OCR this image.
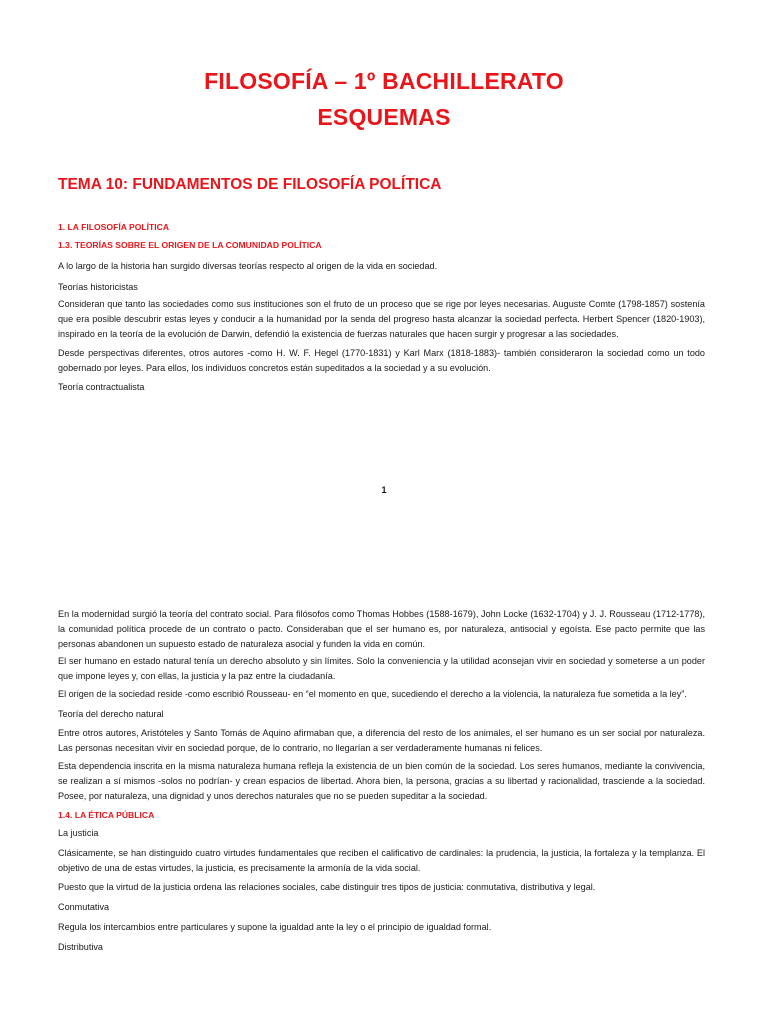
FILOSOFÍA – 1º BACHILLERATO
ESQUEMAS
TEMA 10: FUNDAMENTOS DE FILOSOFÍA POLÍTICA
1. LA FILOSOFÍA POLÍTICA
1.3. TEORÍAS SOBRE EL ORIGEN DE LA COMUNIDAD POLÍTICA

A lo largo de la historia han surgido diversas teorías respecto al origen de la vida en sociedad.

Teorías historicistas

Consideran que tanto las sociedades como sus instituciones son el fruto de un proceso que se rige por leyes necesarias. Auguste Comte (1798-1857) sostenía que era posible descubrir estas leyes y conducir a la humanidad por la senda del progreso hasta alcanzar la sociedad perfecta. Herbert Spencer (1820-1903), inspirado en la teoría de la evolución de Darwin, defendió la existencia de fuerzas naturales que hacen surgir y progresar a las sociedades.

Desde perspectivas diferentes, otros autores -como H. W. F. Hegel (1770-1831) y Karl Marx (1818-1883)- también consideraron la sociedad como un todo gobernado por leyes. Para ellos, los individuos concretos están supeditados a la sociedad y a su evolución.

Teoría contractualista

1

En la modernidad surgió la teoría del contrato social. Para filósofos como Thomas Hobbes (1588-1679), John Locke (1632-1704) y J. J. Rousseau (1712-1778), la comunidad política procede de un contrato o pacto. Consideraban que el ser humano es, por naturaleza, antisocial y egoísta. Ese pacto permite que las personas abandonen un supuesto estado de naturaleza asocial y funden la vida en común.

El ser humano en estado natural tenía un derecho absoluto y sin límites. Solo la conveniencia y la utilidad aconsejan vivir en sociedad y someterse a un poder que impone leyes y, con ellas, la justicia y la paz entre la ciudadanía.

El origen de la sociedad reside -como escribió Rousseau- en “el momento en que, sucediendo el derecho a la violencia, la naturaleza fue sometida a la ley”.

Teoría del derecho natural

Entre otros autores, Aristóteles y Santo Tomás de Aquino afirmaban que, a diferencia del resto de los animales, el ser humano es un ser social por naturaleza. Las personas necesitan vivir en sociedad porque, de lo contrario, no llegarían a ser verdaderamente humanas ni felices.

Esta dependencia inscrita en la misma naturaleza humana refleja la existencia de un bien común de la sociedad. Los seres humanos, mediante la convivencia, se realizan a sí mismos -solos no podrían- y crean espacios de libertad. Ahora bien, la persona, gracias a su libertad y racionalidad, trasciende a la sociedad. Posee, por naturaleza, una dignidad y unos derechos naturales que no se pueden supeditar a la sociedad.

1.4. LA ÉTICA PÚBLICA

La justicia

Clásicamente, se han distinguido cuatro virtudes fundamentales que reciben el calificativo de cardinales: la prudencia, la justicia, la fortaleza y la templanza. El objetivo de una de estas virtudes, la justicia, es precisamente la armonía de la vida social.

Puesto que la virtud de la justicia ordena las relaciones sociales, cabe distinguir tres tipos de justicia: conmutativa, distributiva y legal.

Conmutativa

Regula los intercambios entre particulares y supone la igualdad ante la ley o el principio de igualdad formal.

Distributiva
